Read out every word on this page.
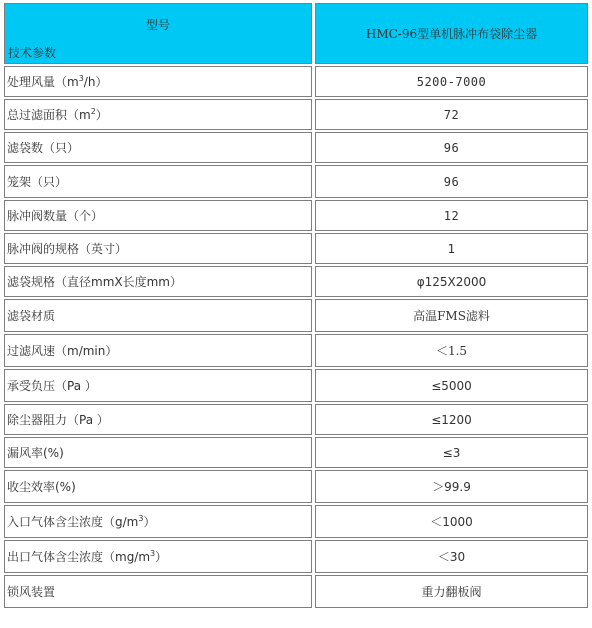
型号
技术参数	HMC-96型单机脉冲布袋除尘器
处理风量$(m^3/h)$	5200-7000
总过滤面积$(m^2)$	72
滤袋数（只）	96
笼架（只）	96
脉冲阀数量（个）	12
脉冲阀的规格（英寸）	1
滤袋规格（直径mmX长度mm）	φ125X2000
滤袋材质	高温FMS滤料
过滤风速（m/min）	＜1.5
承受负压（Pa ）	≤5000
除尘器阻力（Pa ）	≤1200
漏风率(%)	≤3
收尘效率(%)	＞99.9
入口气体含尘浓度$(g/m^3)$	＜1000
出口气体含尘浓度$(mg/m^3)$	＜30
锁风装置	重力翻板阀
